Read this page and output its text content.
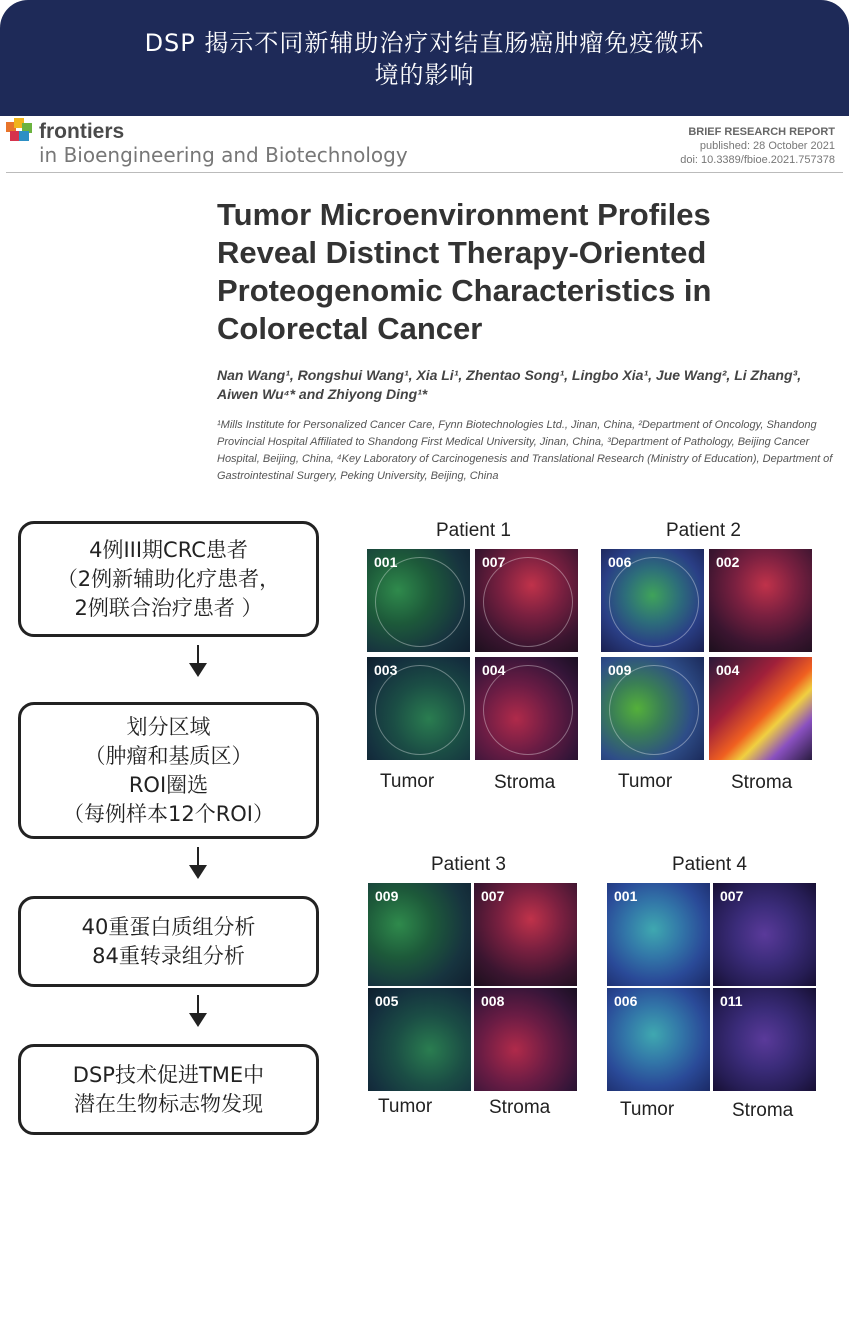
DSP 揭示不同新辅助治疗对结直肠癌肿瘤免疫微环
境的影响
frontiers
in Bioengineering and Biotechnology
BRIEF RESEARCH REPORT
published: 28 October 2021
doi: 10.3389/fbioe.2021.757378
Tumor Microenvironment Profiles
Reveal Distinct Therapy-Oriented
Proteogenomic Characteristics in
Colorectal Cancer
Nan Wang¹, Rongshui Wang¹, Xia Li¹, Zhentao Song¹, Lingbo Xia¹, Jue Wang², Li Zhang³, Aiwen Wu⁴* and Zhiyong Ding¹*
¹Mills Institute for Personalized Cancer Care, Fynn Biotechnologies Ltd., Jinan, China, ²Department of Oncology, Shandong Provincial Hospital Affiliated to Shandong First Medical University, Jinan, China, ³Department of Pathology, Beijing Cancer Hospital, Beijing, China, ⁴Key Laboratory of Carcinogenesis and Translational Research (Ministry of Education), Department of Gastrointestinal Surgery, Peking University, Beijing, China
4例III期CRC患者
（2例新辅助化疗患者，
2例联合治疗患者 ）
划分区域
（肿瘤和基质区）
ROI圈选
（每例样本12个ROI）
40重蛋白质组分析
84重转录组分析
DSP技术促进TME中
潜在生物标志物发现
Patient 1
001	007
003	004
Tumor	Stroma
Patient 2
006	002
009	004
Tumor	Stroma
Patient 3
009	007
005	008
Tumor	Stroma
Patient 4
001	007
006	011
Tumor	Stroma
